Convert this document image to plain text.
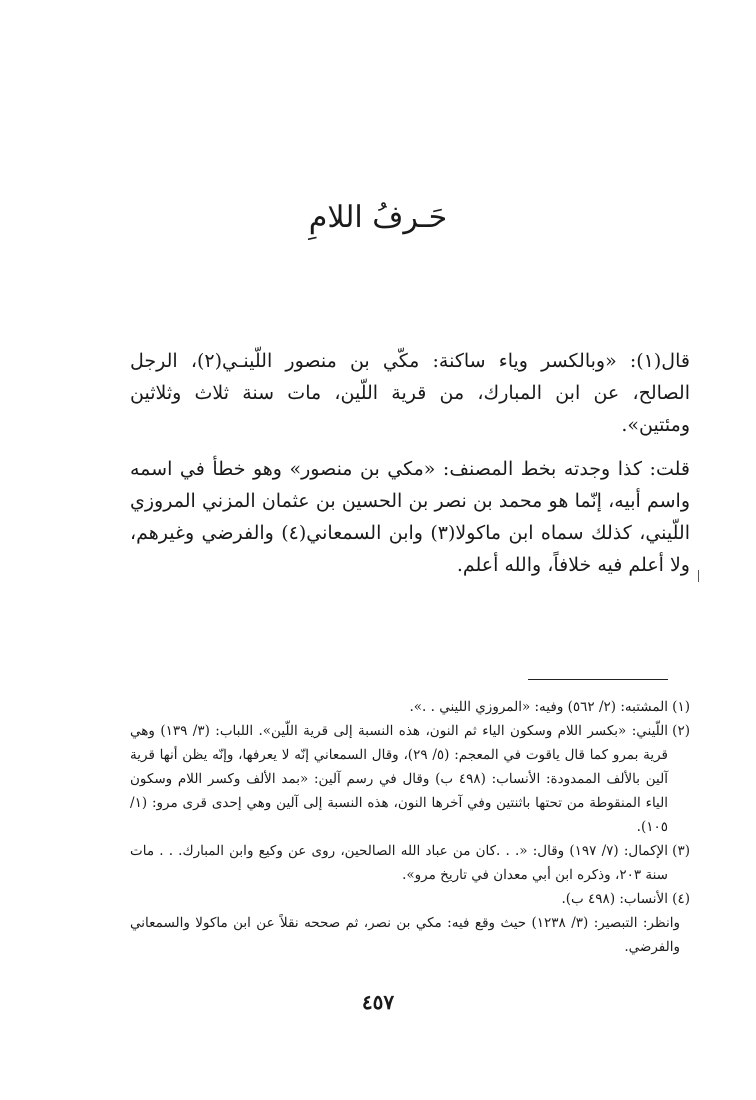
حَـرفُ اللامِ

قال(١): «وبالكسر وياء ساكنة: مكّي بن منصور اللّينـي(٢)، الرجل الصالح، عن ابن المبارك، من قرية اللّين، مات سنة ثلاث وثلاثين ومئتين».

قلت: كذا وجدته بخط المصنف: «مكي بن منصور» وهو خطأ في اسمه واسم أبيه، إنّما هو محمد بن نصر بن الحسين بن عثمان المزني المروزي اللّيني، كذلك سماه ابن ماكولا(٣) وابن السمعاني(٤) والفرضي وغيرهم، ولا أعلم فيه خلافاً، والله أعلم.

(١)
المشتبه: (٢/ ٥٦٢) وفيه: «المروزي الليني . .».

(٢)
اللّيني: «بكسر اللام وسكون الياء ثم النون، هذه النسبة إلى قرية اللّين». اللباب: (٣/ ١٣٩) وهي قرية بمرو كما قال ياقوت في المعجم: (٥/ ٢٩)، وقال السمعاني إنّه لا يعرفها، وإنّه يظن أنها قرية آلين بالألف الممدودة: الأنساب: (٤٩٨ ب) وقال في رسم آلين: «بمد الألف وكسر اللام وسكون الياء المنقوطة من تحتها باثنتين وفي آخرها النون، هذه النسبة إلى آلين وهي إحدى قرى مرو: (١/ ١٠٥).

(٣)
الإكمال: (٧/ ١٩٧) وقال: «. . .كان من عباد الله الصالحين، روى عن وكيع وابن المبارك. . . مات سنة ٢٠٣، وذكره ابن أبي معدان في تاريخ مرو».

(٤)
الأنساب: (٤٩٨ ب).

وانظر: التبصير: (٣/ ١٢٣٨) حيث وقع فيه: مكي بن نصر، ثم صححه نقلاً عن ابن ماكولا والسمعاني والفرضي.

٤٥٧
